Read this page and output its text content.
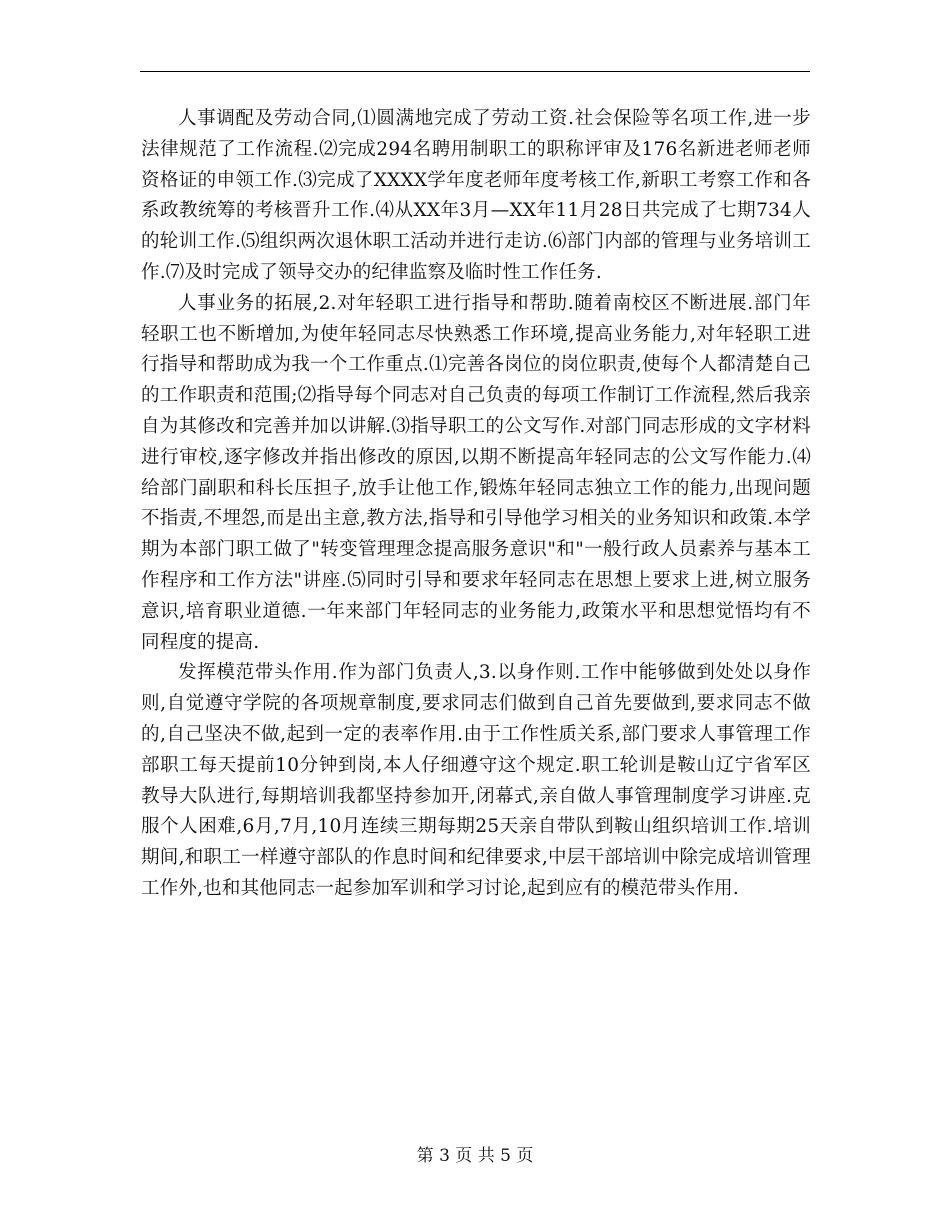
人事调配及劳动合同,⑴圆满地完成了劳动工资.社会保险等名项工作,进一步法律规范了工作流程.⑵完成294名聘用制职工的职称评审及176名新进老师老师资格证的申领工作.⑶完成了XXXX学年度老师年度考核工作,新职工考察工作和各系政教统筹的考核晋升工作.⑷从XX年3月—XX年11月28日共完成了七期734人的轮训工作.⑸组织两次退休职工活动并进行走访.⑹部门内部的管理与业务培训工作.⑺及时完成了领导交办的纪律监察及临时性工作任务.

人事业务的拓展,2.对年轻职工进行指导和帮助.随着南校区不断进展.部门年轻职工也不断增加,为使年轻同志尽快熟悉工作环境,提高业务能力,对年轻职工进行指导和帮助成为我一个工作重点.⑴完善各岗位的岗位职责,使每个人都清楚自己的工作职责和范围;⑵指导每个同志对自己负责的每项工作制订工作流程,然后我亲自为其修改和完善并加以讲解.⑶指导职工的公文写作.对部门同志形成的文字材料进行审校,逐字修改并指出修改的原因,以期不断提高年轻同志的公文写作能力.⑷给部门副职和科长压担子,放手让他工作,锻炼年轻同志独立工作的能力,出现问题不指责,不埋怨,而是出主意,教方法,指导和引导他学习相关的业务知识和政策.本学期为本部门职工做了"转变管理理念提高服务意识"和"一般行政人员素养与基本工作程序和工作方法"讲座.⑸同时引导和要求年轻同志在思想上要求上进,树立服务意识,培育职业道德.一年来部门年轻同志的业务能力,政策水平和思想觉悟均有不同程度的提高.

发挥模范带头作用.作为部门负责人,3.以身作则.工作中能够做到处处以身作则,自觉遵守学院的各项规章制度,要求同志们做到自己首先要做到,要求同志不做的,自己坚决不做,起到一定的表率作用.由于工作性质关系,部门要求人事管理工作部职工每天提前10分钟到岗,本人仔细遵守这个规定.职工轮训是鞍山辽宁省军区教导大队进行,每期培训我都坚持参加开,闭幕式,亲自做人事管理制度学习讲座.克服个人困难,6月,7月,10月连续三期每期25天亲自带队到鞍山组织培训工作.培训期间,和职工一样遵守部队的作息时间和纪律要求,中层干部培训中除完成培训管理工作外,也和其他同志一起参加军训和学习讨论,起到应有的模范带头作用.

第 3 页 共 5 页
